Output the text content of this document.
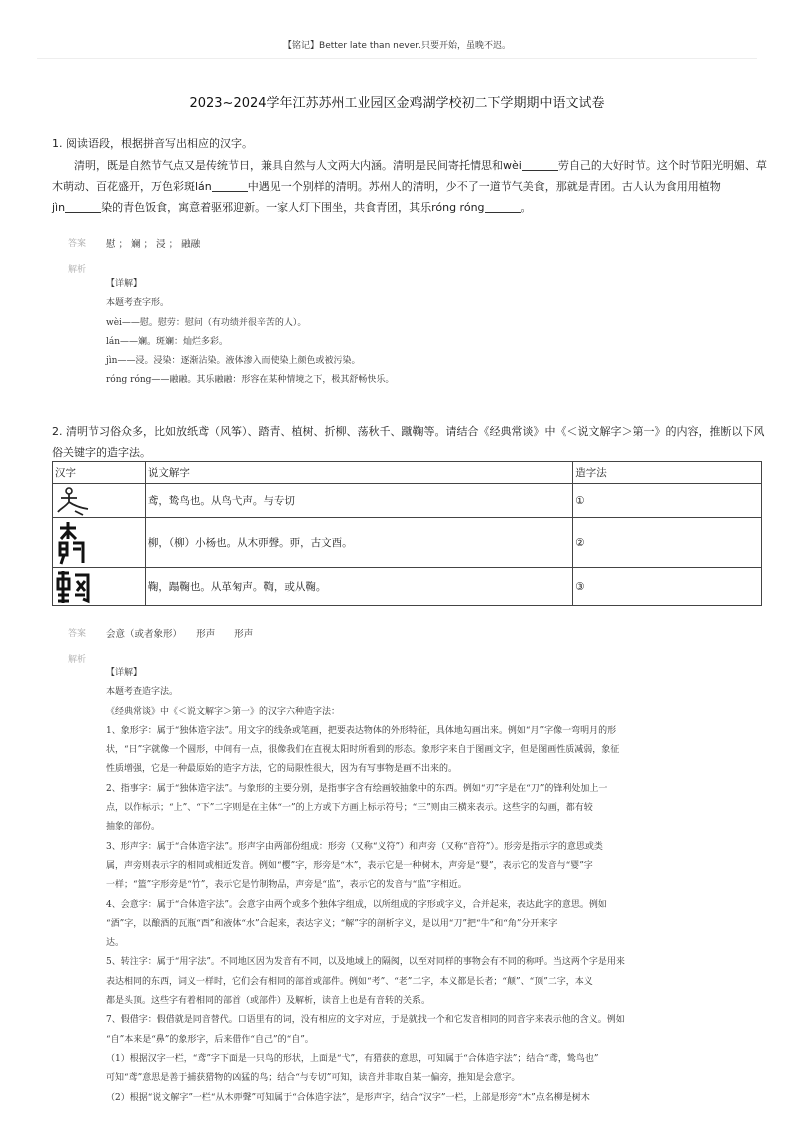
【铭记】Better late than never.只要开始，虽晚不迟。
2023~2024学年江苏苏州工业园区金鸡湖学校初二下学期期中语文试卷
1. 阅读语段，根据拼音写出相应的汉字。
清明，既是自然节气点又是传统节日，兼具自然与人文两大内涵。清明是民间寄托情思和wèi	劳自己的大好时节。这个时节阳光明媚、草
木萌动、百花盛开，万色彩斑lán	中遇见一个别样的清明。苏州人的清明，少不了一道节气美食，那就是青团。古人认为食用用植物
jìn	染的青色饭食，寓意着驱邪迎新。一家人灯下围坐，共食青团，其乐róng róng	。
答案 慰 ； 斓 ； 浸 ； 融融
解析
【详解】
本题考查字形。
wèi——慰。慰劳：慰问（有功绩并很辛苦的人）。
lán——斓。斑斓：灿烂多彩。
jìn——浸。浸染：逐渐沾染。液体渗入而使染上颜色或被污染。
róng róng——融融。其乐融融：形容在某种情境之下，极其舒畅快乐。
2. 清明节习俗众多，比如放纸鸢（风筝）、踏青、植树、折柳、荡秋千、蹴鞠等。请结合《经典常谈》中《＜说文解字＞第一》的内容，推断以下风
俗关键字的造字法。
汉字	说文解字	造字法

	鸢，鸷鸟也。从鸟弋声。与专切	①

	柳，（柳）小杨也。从木丣聲。丣，古文酉。	②

	鞠，蹋鞠也。从革匊声。鞫，或从鞠。	③
答案 会意（或者象形）　　形声　　形声
解析
【详解】
本题考查造字法。
《经典常谈》中《＜说文解字＞第一》的汉字六种造字法：
1、象形字：属于“独体造字法”。用文字的线条或笔画，把要表达物体的外形特征，具体地勾画出来。例如“月”字像一弯明月的形
状，“日”字就像一个圆形，中间有一点，很像我们在直视太阳时所看到的形态。象形字来自于图画文字，但是图画性质减弱，象征
性质增强，它是一种最原始的造字方法，它的局限性很大，因为有写事物是画不出来的。
2、指事字：属于“独体造字法”。与象形的主要分别，是指事字含有绘画较抽象中的东西。例如“刃”字是在“刀”的锋利处加上一
点，以作标示；“上”、“下”二字则是在主体“一”的上方或下方画上标示符号；“三”则由三横来表示。这些字的勾画，都有较
抽象的部份。
3、形声字：属于“合体造字法”。形声字由两部份组成：形旁（又称“义符”）和声旁（又称“音符”）。形旁是指示字的意思或类
属，声旁则表示字的相同或相近发音。例如“樱”字，形旁是“木”，表示它是一种树木，声旁是“婴”，表示它的发音与“婴”字
一样；“篮”字形旁是“竹”，表示它是竹制物品，声旁是“监”，表示它的发音与“监”字相近。
4、会意字：属于“合体造字法”。会意字由两个或多个独体字组成，以所组成的字形或字义，合并起来，表达此字的意思。例如
“酒”字，以酿酒的瓦瓶“酉”和液体“水”合起来，表达字义；“解”字的剖析字义，是以用“刀”把“牛”和“角”分开来字
达。
5、转注字：属于“用字法”。不同地区因为发音有不同，以及地域上的隔阂，以至对同样的事物会有不同的称呼。当这两个字是用来
表达相同的东西，词义一样时，它们会有相同的部首或部件。例如“考”、“老”二字，本义都是长者；“颠”、“顶”二字，本义
都是头顶。这些字有着相同的部首（或部件）及解析，读音上也是有音转的关系。
7、假借字：假借就是同音替代。口语里有的词，没有相应的文字对应，于是就找一个和它发音相同的同音字来表示他的含义。例如
“自”本来是“鼻”的象形字，后来借作“自己”的“自”。
（1）根据汉字一栏，“鸢”字下面是一只鸟的形状，上面是“弋”，有猎获的意思，可知属于“合体造字法”；结合“鸢，鸷鸟也”
可知“鸢”意思是善于捕获猎物的凶猛的鸟；结合“与专切”可知，读音并非取自某一偏旁，推知是会意字。
（2）根据“说文解字”一栏“从木丣聲”可知属于“合体造字法”，是形声字，结合“汉字”一栏，上部是形旁“木”点名柳是树木
